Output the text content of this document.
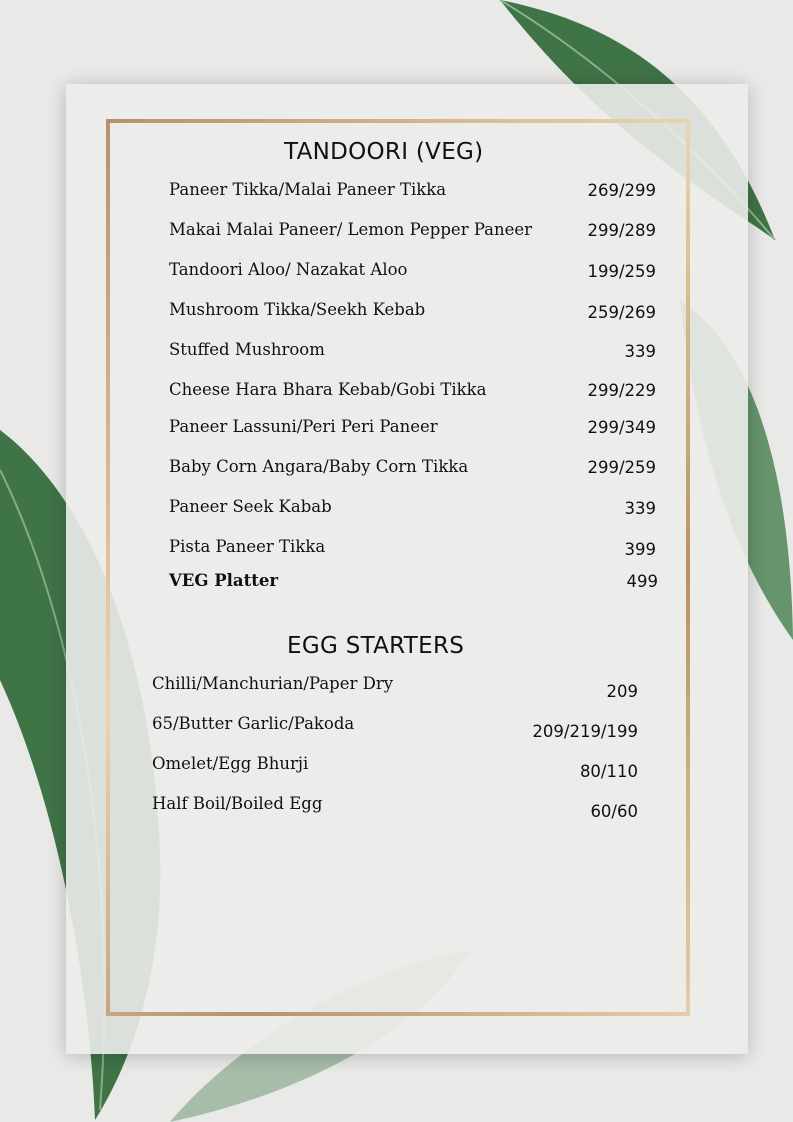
TANDOORI (VEG)
Paneer Tikka/Malai Paneer Tikka	269/299
Makai Malai Paneer/ Lemon Pepper Paneer	299/289
Tandoori Aloo/ Nazakat Aloo	199/259
Mushroom Tikka/Seekh Kebab	259/269
Stuffed Mushroom	339
Cheese Hara Bhara Kebab/Gobi Tikka	299/229
Paneer Lassuni/Peri Peri Paneer	299/349
Baby Corn Angara/Baby Corn Tikka	299/259
Paneer Seek Kabab	339
Pista Paneer Tikka	399
VEG Platter	499
EGG STARTERS
Chilli/Manchurian/Paper Dry	209
65/Butter Garlic/Pakoda	209/219/199
Omelet/Egg Bhurji	80/110
Half Boil/Boiled Egg	60/60
